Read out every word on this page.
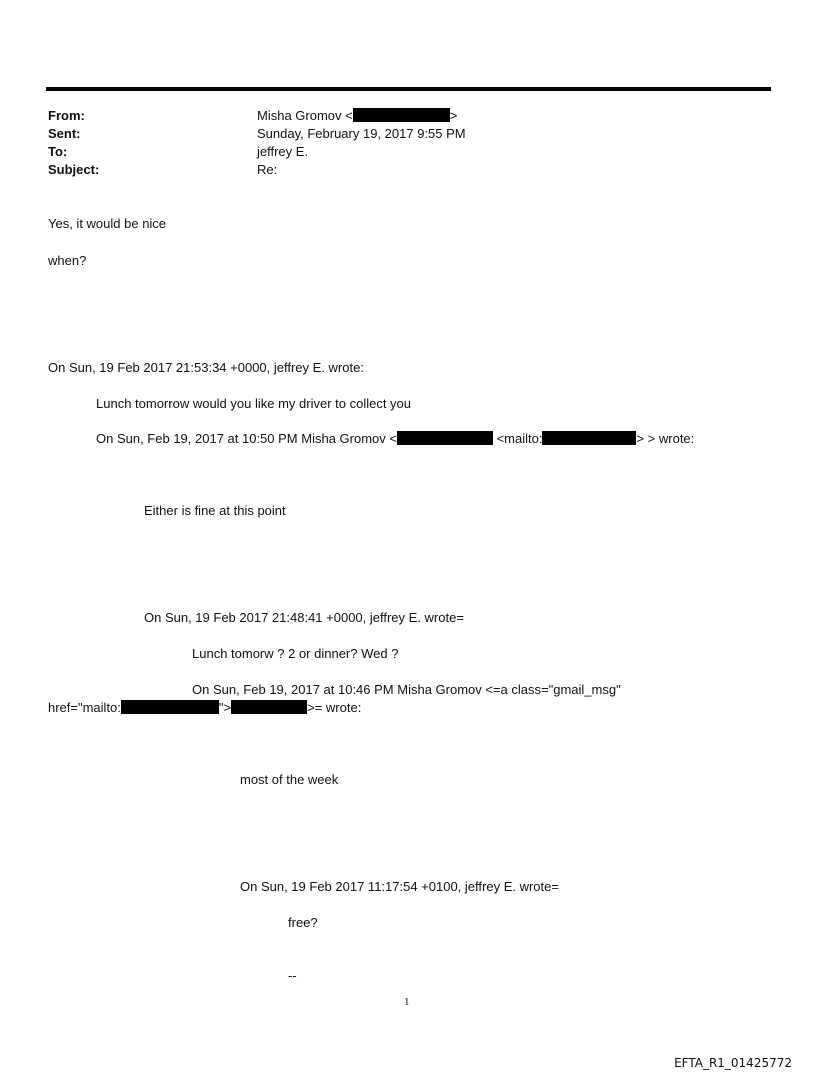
From:	Misha Gromov <	>
Sent:	Sunday, February 19, 2017 9:55 PM
To:	jeffrey E.
Subject:	Re:
Yes, it would be nice
when?
On Sun, 19 Feb 2017 21:53:34 +0000, jeffrey E. wrote:
Lunch tomorrow would you like my driver to collect you
On Sun, Feb 19, 2017 at 10:50 PM Misha Gromov <	<mailto:	> > wrote:
Either is fine at this point
On Sun, 19 Feb 2017 21:48:41 +0000, jeffrey E. wrote=
Lunch tomorw ? 2 or dinner? Wed ?
On Sun, Feb 19, 2017 at 10:46 PM Misha Gromov <=a class="gmail_msg"
href="mailto:	">	>= wrote:
most of the week
On Sun, 19 Feb 2017 11:17:54 +0100, jeffrey E. wrote=
free?
--
1
EFTA_R1_01425772
